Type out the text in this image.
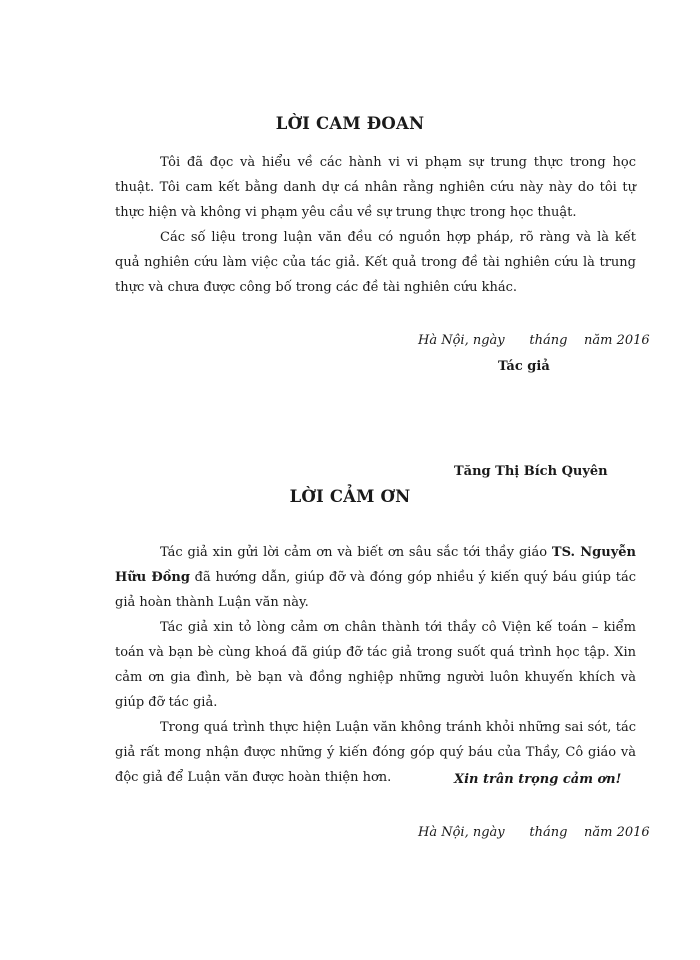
LỜI CAM ĐOAN

Tôi đã đọc và hiểu về các hành vi vi phạm sự trung thực trong học thuật. Tôi cam kết bằng danh dự cá nhân rằng nghiên cứu này này do tôi tự thực hiện và không vi phạm yêu cầu về sự trung thực trong học thuật.

Các số liệu trong luận văn đều có nguồn hợp pháp, rõ ràng và là kết quả nghiên cứu làm việc của tác giả. Kết quả trong đề tài nghiên cứu là trung thực và chưa được công bố trong các đề tài nghiên cứu khác.

Hà Nội, ngày      tháng    năm 2016
Tác giả
Tăng Thị Bích Quyên
LỜI CẢM ƠN

Tác giả xin gửi lời cảm ơn và biết ơn sâu sắc tới thầy giáo TS. Nguyễn Hữu Đồng đã hướng dẫn, giúp đỡ và đóng góp nhiều ý kiến quý báu giúp tác giả hoàn thành Luận văn này.

Tác giả xin tỏ lòng cảm ơn chân thành tới thầy cô Viện kế toán – kiểm toán và bạn bè cùng khoá đã giúp đỡ tác giả trong suốt quá trình học tập. Xin cảm ơn gia đình, bè bạn và đồng nghiệp những người luôn khuyến khích và giúp đỡ tác giả.

Trong quá trình thực hiện Luận văn không tránh khỏi những sai sót, tác giả rất mong nhận được những ý kiến đóng góp quý báu của Thầy, Cô giáo và độc giả để Luận văn được hoàn thiện hơn.	Xin trân trọng cảm ơn!
Hà Nội, ngày      tháng    năm 2016
